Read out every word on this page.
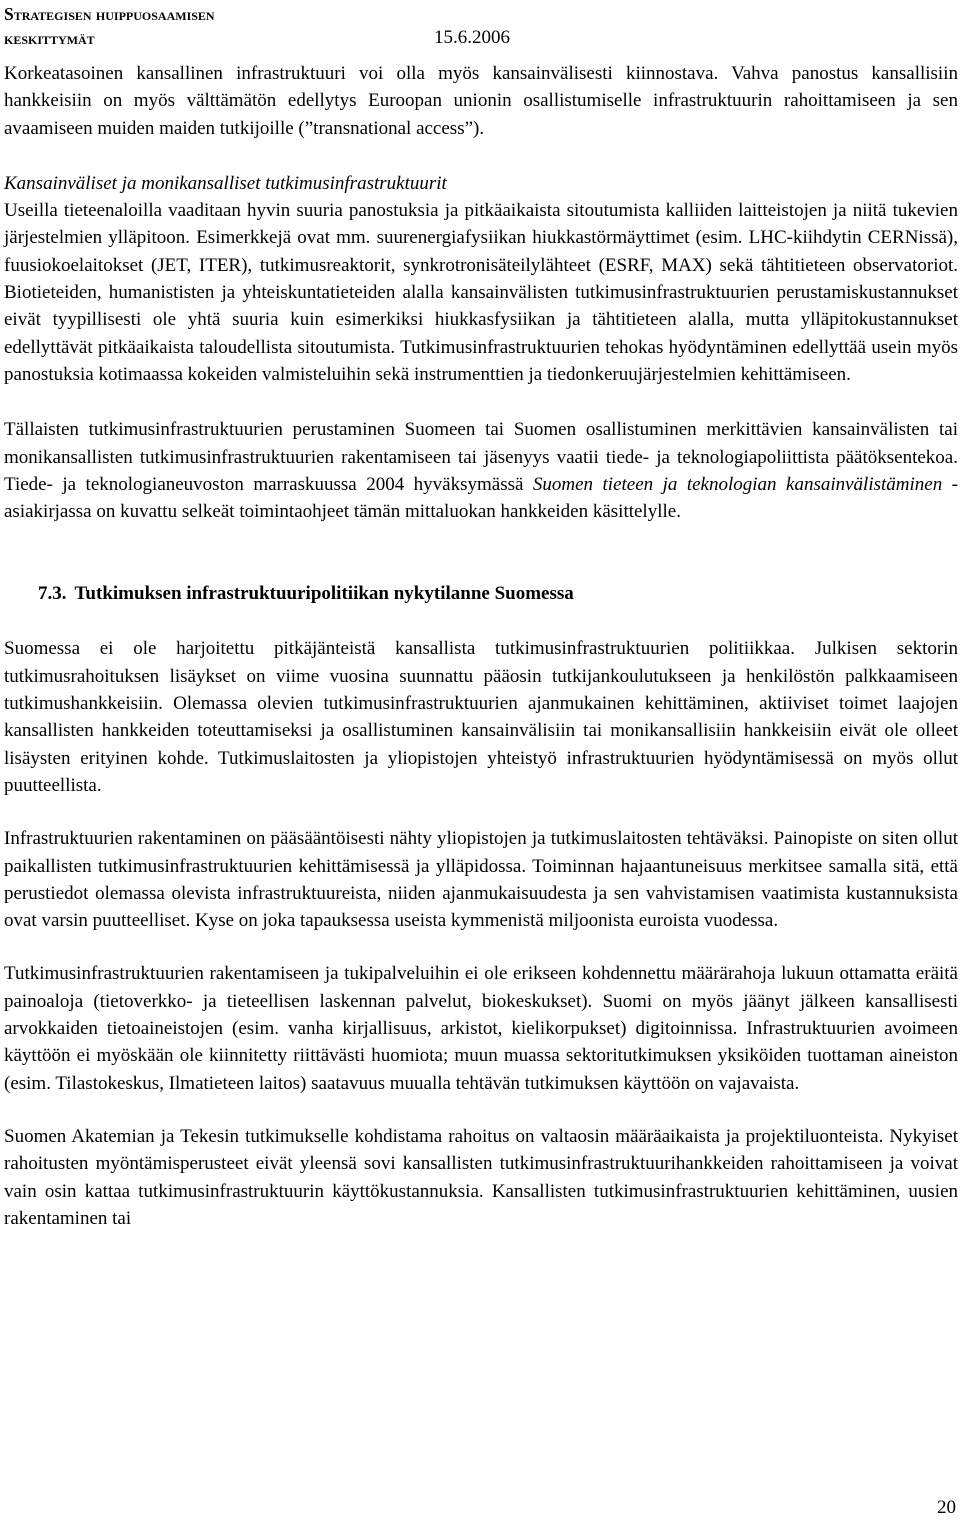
Strategisen huippuosaamisen
keskittymät	15.6.2006

Korkeatasoinen kansallinen infrastruktuuri voi olla myös kansainvälisesti kiinnostava. Vahva panostus kansallisiin hankkeisiin on myös välttämätön edellytys Euroopan unionin osallistumiselle infrastruktuurin rahoittamiseen ja sen avaamiseen muiden maiden tutkijoille (”transnational access”).

Kansainväliset ja monikansalliset tutkimusinfrastruktuurit
Useilla tieteenaloilla vaaditaan hyvin suuria panostuksia ja pitkäaikaista sitoutumista kalliiden laitteistojen ja niitä tukevien järjestelmien ylläpitoon. Esimerkkejä ovat mm. suurenergiafysiikan hiukkastörmäyttimet (esim. LHC-kiihdytin CERNissä), fuusiokoelaitokset (JET, ITER), tutkimusreaktorit, synkrotronisäteilylähteet (ESRF, MAX) sekä tähtitieteen observatoriot. Biotieteiden, humanististen ja yhteiskuntatieteiden alalla kansainvälisten tutkimusinfrastruktuurien perustamiskustannukset eivät tyypillisesti ole yhtä suuria kuin esimerkiksi hiukkasfysiikan ja tähtitieteen alalla, mutta ylläpitokustannukset edellyttävät pitkäaikaista taloudellista sitoutumista. Tutkimusinfrastruktuurien tehokas hyödyntäminen edellyttää usein myös panostuksia kotimaassa kokeiden valmisteluihin sekä instrumenttien ja tiedonkeruujärjestelmien kehittämiseen.

Tällaisten tutkimusinfrastruktuurien perustaminen Suomeen tai Suomen osallistuminen merkittävien kansainvälisten tai monikansallisten tutkimusinfrastruktuurien rakentamiseen tai jäsenyys vaatii tiede- ja teknologiapoliittista päätöksentekoa. Tiede- ja teknologianeuvoston marraskuussa 2004 hyväksymässä Suomen tieteen ja teknologian kansainvälistäminen -asiakirjassa on kuvattu selkeät toimintaohjeet tämän mittaluokan hankkeiden käsittelylle.

7.3. Tutkimuksen infrastruktuuripolitiikan nykytilanne Suomessa

Suomessa ei ole harjoitettu pitkäjänteistä kansallista tutkimusinfrastruktuurien politiikkaa. Julkisen sektorin tutkimusrahoituksen lisäykset on viime vuosina suunnattu pääosin tutkijankoulutukseen ja henkilöstön palkkaamiseen tutkimushankkeisiin. Olemassa olevien tutkimusinfrastruktuurien ajanmukainen kehittäminen, aktiiviset toimet laajojen kansallisten hankkeiden toteuttamiseksi ja osallistuminen kansainvälisiin tai monikansallisiin hankkeisiin eivät ole olleet lisäysten erityinen kohde. Tutkimuslaitosten ja yliopistojen yhteistyö infrastruktuurien hyödyntämisessä on myös ollut puutteellista.

Infrastruktuurien rakentaminen on pääsääntöisesti nähty yliopistojen ja tutkimuslaitosten tehtäväksi. Painopiste on siten ollut paikallisten tutkimusinfrastruktuurien kehittämisessä ja ylläpidossa. Toiminnan hajaantuneisuus merkitsee samalla sitä, että perustiedot olemassa olevista infrastruktuureista, niiden ajanmukaisuudesta ja sen vahvistamisen vaatimista kustannuksista ovat varsin puutteelliset. Kyse on joka tapauksessa useista kymmenistä miljoonista euroista vuodessa.

Tutkimusinfrastruktuurien rakentamiseen ja tukipalveluihin ei ole erikseen kohdennettu määrärahoja lukuun ottamatta eräitä painoaloja (tietoverkko- ja tieteellisen laskennan palvelut, biokeskukset). Suomi on myös jäänyt jälkeen kansallisesti arvokkaiden tietoaineistojen (esim. vanha kirjallisuus, arkistot, kielikorpukset) digitoinnissa. Infrastruktuurien avoimeen käyttöön ei myöskään ole kiinnitetty riittävästi huomiota; muun muassa sektoritutkimuksen yksiköiden tuottaman aineiston (esim. Tilastokeskus, Ilmatieteen laitos) saatavuus muualla tehtävän tutkimuksen käyttöön on vajavaista.

Suomen Akatemian ja Tekesin tutkimukselle kohdistama rahoitus on valtaosin määräaikaista ja projektiluonteista. Nykyiset rahoitusten myöntämisperusteet eivät yleensä sovi kansallisten tutkimusinfrastruktuurihankkeiden rahoittamiseen ja voivat vain osin kattaa tutkimusinfrastruktuurin käyttökustannuksia. Kansallisten tutkimusinfrastruktuurien kehittäminen, uusien rakentaminen tai

20
